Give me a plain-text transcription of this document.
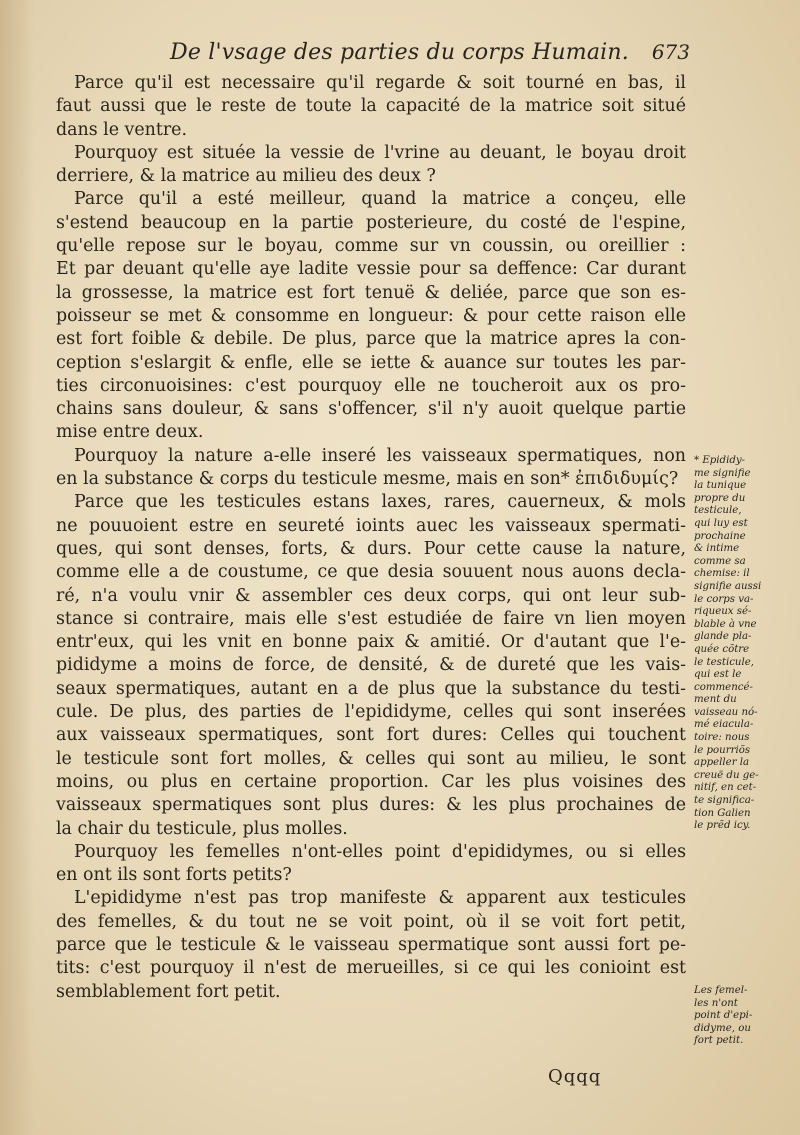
De l'vsage des parties du corps Humain. 673
Parce qu'il est necessaire qu'il regarde & soit tourné en bas, il
faut aussi que le reste de toute la capacité de la matrice soit situé
dans le ventre.
Pourquoy est située la vessie de l'vrine au deuant, le boyau droit
derriere, & la matrice au milieu des deux ?
Parce qu'il a esté meilleur, quand la matrice a conçeu, elle
s'estend beaucoup en la partie posterieure, du costé de l'espine,
qu'elle repose sur le boyau, comme sur vn coussin, ou oreillier :
Et par deuant qu'elle aye ladite vessie pour sa deffence: Car durant
la grossesse, la matrice est fort tenuë & deliée, parce que son es-
poisseur se met & consomme en longueur: & pour cette raison elle
est fort foible & debile. De plus, parce que la matrice apres la con-
ception s'eslargit & enfle, elle se iette & auance sur toutes les par-
ties circonuoisines: c'est pourquoy elle ne toucheroit aux os pro-
chains sans douleur, & sans s'offencer, s'il n'y auoit quelque partie
mise entre deux.
Pourquoy la nature a-elle inseré les vaisseaux spermatiques, non
en la substance & corps du testicule mesme, mais en son* ἐπιδιδυμίς?
Parce que les testicules estans laxes, rares, cauerneux, & mols
ne pouuoient estre en seureté ioints auec les vaisseaux spermati-
ques, qui sont denses, forts, & durs. Pour cette cause la nature,
comme elle a de coustume, ce que desia souuent nous auons decla-
ré, n'a voulu vnir & assembler ces deux corps, qui ont leur sub-
stance si contraire, mais elle s'est estudiée de faire vn lien moyen
entr'eux, qui les vnit en bonne paix & amitié. Or d'autant que l'e-
pididyme a moins de force, de densité, & de dureté que les vais-
seaux spermatiques, autant en a de plus que la substance du testi-
cule. De plus, des parties de l'epididyme, celles qui sont inserées
aux vaisseaux spermatiques, sont fort dures: Celles qui touchent
le testicule sont fort molles, & celles qui sont au milieu, le sont
moins, ou plus en certaine proportion. Car les plus voisines des
vaisseaux spermatiques sont plus dures: & les plus prochaines de
la chair du testicule, plus molles.
Pourquoy les femelles n'ont-elles point d'epididymes, ou si elles
en ont ils sont forts petits?
L'epididyme n'est pas trop manifeste & apparent aux testicules
des femelles, & du tout ne se voit point, où il se voit fort petit,
parce que le testicule & le vaisseau spermatique sont aussi fort pe-
tits: c'est pourquoy il n'est de merueilles, si ce qui les conioint est
semblablement fort petit.
* Epididy-
me signifie
la tunique
propre du
testicule,
qui luy est
prochaine
& intime
comme sa
chemise: il
signifie aussi
le corps va-
riqueux sé-
blable à vne
glande pla-
quée cõtre
le testicule,
qui est le
commencé-
ment du
vaisseau nó-
mé eiacula-
toire: nous
le pourriõs
appeller la
creuë du ge-
nitif, en cet-
te significa-
tion Galien
le prẽd icy.
Les femel-
les n'ont
point d'epi-
didyme, ou
fort petit.
Qqqq
